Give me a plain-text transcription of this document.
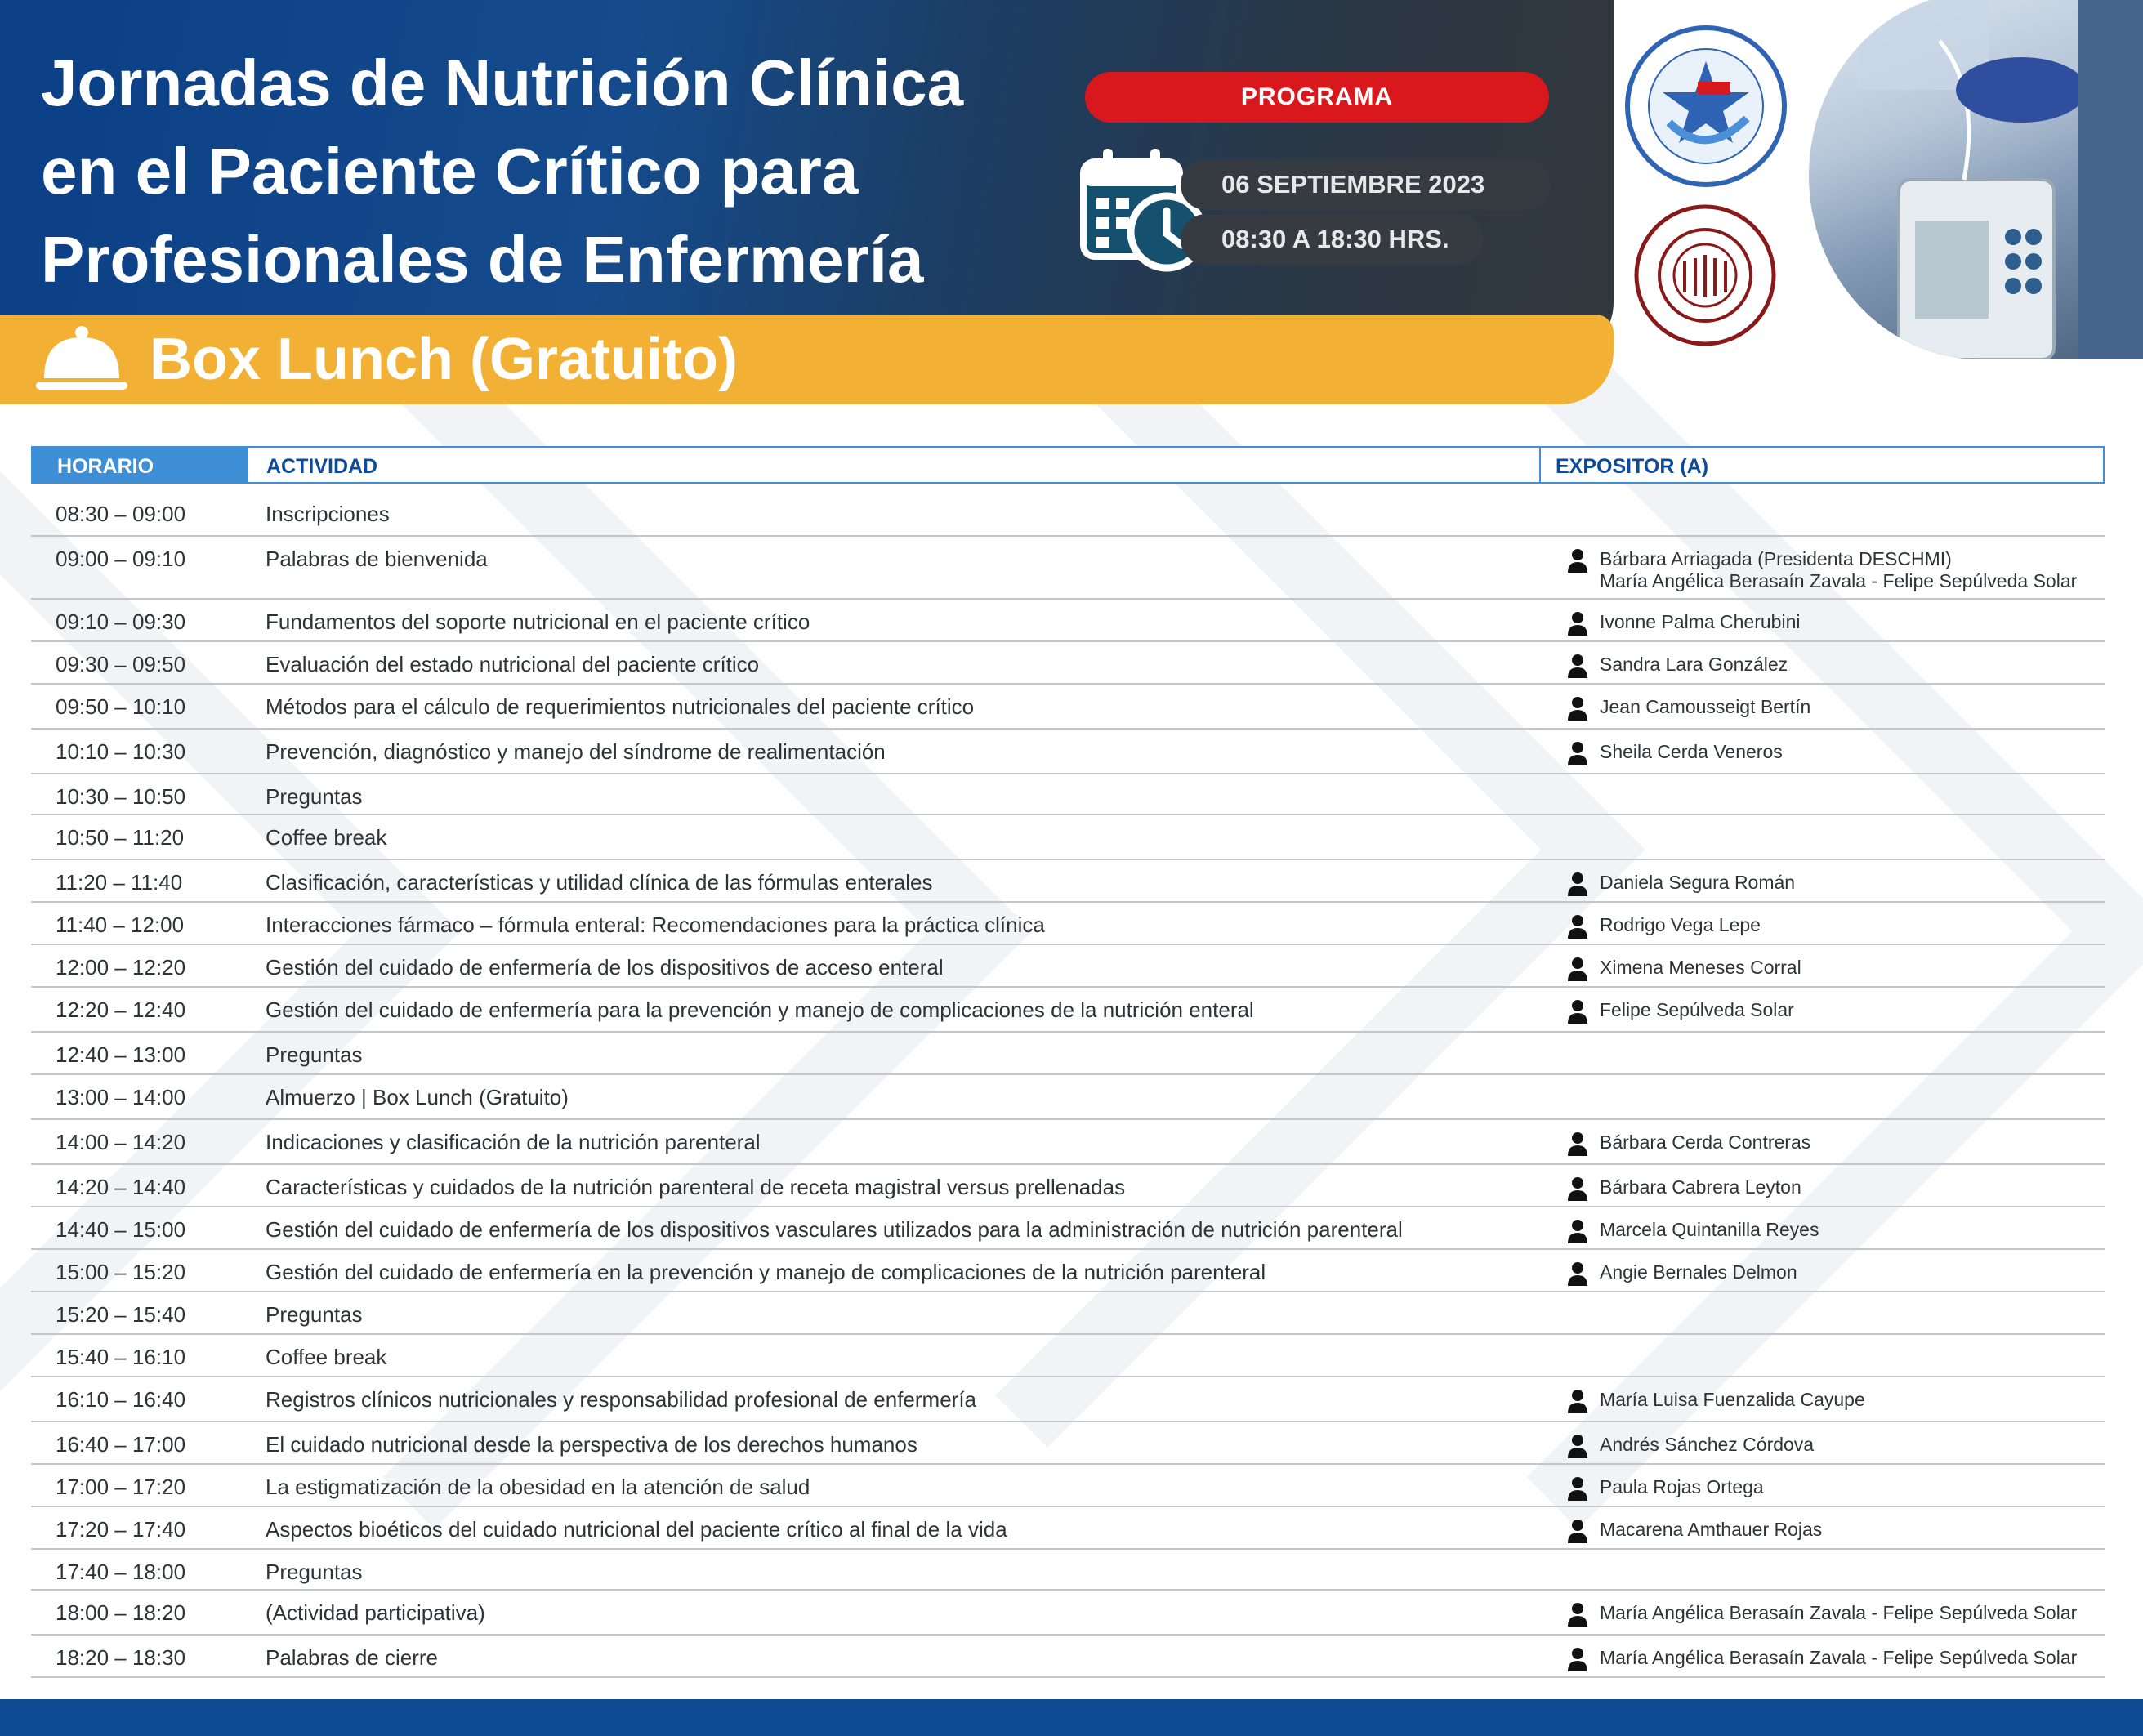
Jornadas de Nutrición Clínica
en el Paciente Crítico para
Profesionales de Enfermería
PROGRAMA
06 SEPTIEMBRE 2023
08:30 A 18:30 HRS.
Box Lunch (Gratuito)
HORARIO	ACTIVIDAD	EXPOSITOR (A)
08:30 – 09:00	Inscripciones
09:00 – 09:10	Palabras de bienvenida	Bárbara Arriagada (Presidenta DESCHMI)
María Angélica Berasaín Zavala - Felipe Sepúlveda Solar
09:10 – 09:30	Fundamentos del soporte nutricional en el paciente crítico	Ivonne Palma Cherubini
09:30 – 09:50	Evaluación del estado nutricional del paciente crítico	Sandra Lara González
09:50 – 10:10	Métodos para el cálculo de requerimientos nutricionales del paciente crítico	Jean Camousseigt Bertín
10:10 – 10:30	Prevención, diagnóstico y manejo del síndrome de realimentación	Sheila Cerda Veneros
10:30 – 10:50	Preguntas
10:50 – 11:20	Coffee break
11:20 – 11:40	Clasificación, características y utilidad clínica de las fórmulas enterales	Daniela Segura Román
11:40 – 12:00	Interacciones fármaco – fórmula enteral: Recomendaciones para la práctica clínica	Rodrigo Vega Lepe
12:00 – 12:20	Gestión del cuidado de enfermería de los dispositivos de acceso enteral	Ximena Meneses Corral
12:20 – 12:40	Gestión del cuidado de enfermería para la prevención y manejo de complicaciones de la nutrición enteral	Felipe Sepúlveda Solar
12:40 – 13:00	Preguntas
13:00 – 14:00	Almuerzo | Box Lunch (Gratuito)
14:00 – 14:20	Indicaciones y clasificación de la nutrición parenteral	Bárbara Cerda Contreras
14:20 – 14:40	Características y cuidados de la nutrición parenteral de receta magistral versus prellenadas	Bárbara Cabrera Leyton
14:40 – 15:00	Gestión del cuidado de enfermería de los dispositivos vasculares utilizados para la administración de nutrición parenteral	Marcela Quintanilla Reyes
15:00 – 15:20	Gestión del cuidado de enfermería en la prevención y manejo de complicaciones de la nutrición parenteral	Angie Bernales Delmon
15:20 – 15:40	Preguntas
15:40 – 16:10	Coffee break
16:10 – 16:40	Registros clínicos nutricionales y responsabilidad profesional de enfermería	María Luisa Fuenzalida Cayupe
16:40 – 17:00	El cuidado nutricional desde la perspectiva de los derechos humanos	Andrés Sánchez Córdova
17:00 – 17:20	La estigmatización de la obesidad en la atención de salud	Paula Rojas Ortega
17:20 – 17:40	Aspectos bioéticos del cuidado nutricional del paciente crítico al final de la vida	Macarena Amthauer Rojas
17:40 – 18:00	Preguntas
18:00 – 18:20	(Actividad participativa)	María Angélica Berasaín Zavala - Felipe Sepúlveda Solar
18:20 – 18:30	Palabras de cierre	María Angélica Berasaín Zavala - Felipe Sepúlveda Solar
